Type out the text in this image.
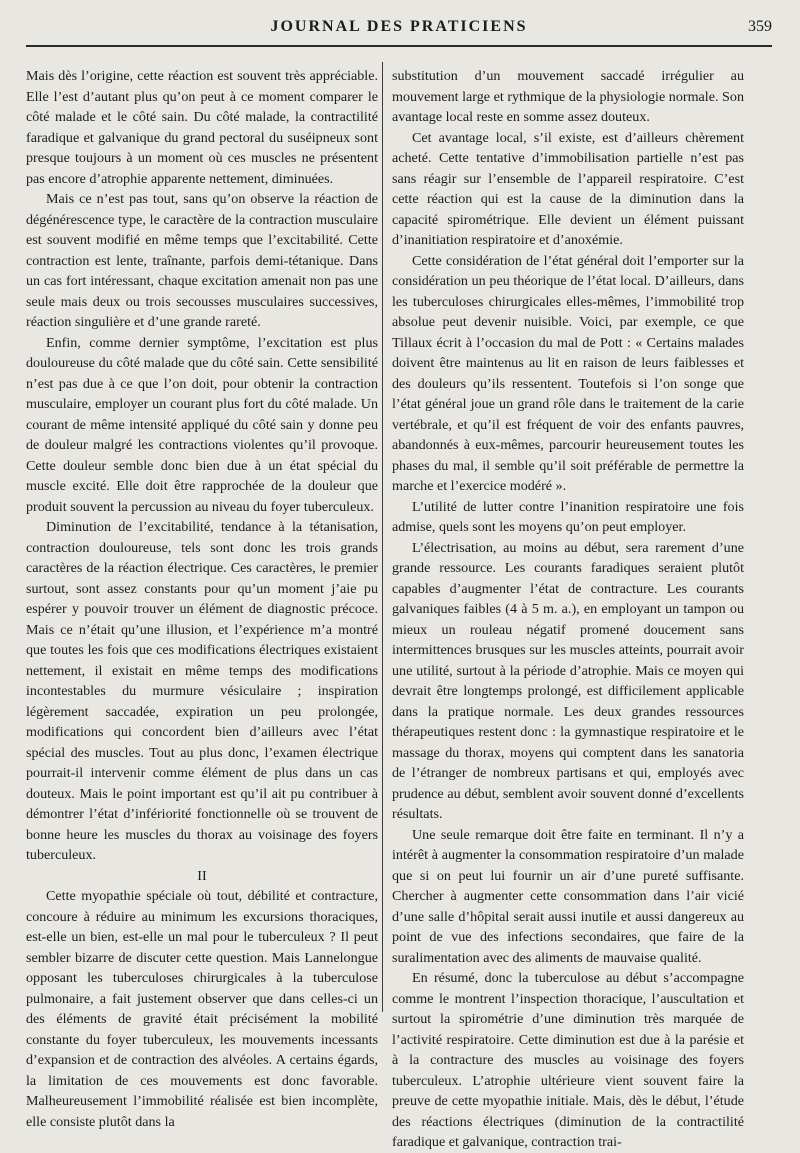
JOURNAL DES PRATICIENS	359

Mais dès l’origine, cette réaction est souvent très appréciable. Elle l’est d’autant plus qu’on peut à ce moment comparer le côté malade et le côté sain. Du côté malade, la contractilité faradique et galvanique du grand pectoral du suséipneux sont presque toujours à un moment où ces muscles ne présentent pas encore d’atrophie apparente nettement, diminuées.

Mais ce n’est pas tout, sans qu’on observe la réaction de dégénérescence type, le caractère de la contraction musculaire est souvent modifié en même temps que l’excitabilité. Cette contraction est lente, traînante, parfois demi-tétanique. Dans un cas fort intéressant, chaque excitation amenait non pas une seule mais deux ou trois secousses musculaires successives, réaction singulière et d’une grande rareté.

Enfin, comme dernier symptôme, l’excitation est plus douloureuse du côté malade que du côté sain. Cette sensibilité n’est pas due à ce que l’on doit, pour obtenir la contraction musculaire, employer un courant plus fort du côté malade. Un courant de même intensité appliqué du côté sain y donne peu de douleur malgré les contractions violentes qu’il provoque. Cette douleur semble donc bien due à un état spécial du muscle excité. Elle doit être rapprochée de la douleur que produit souvent la percussion au niveau du foyer tuberculeux.

Diminution de l’excitabilité, tendance à la tétanisation, contraction douloureuse, tels sont donc les trois grands caractères de la réaction électrique. Ces caractères, le premier surtout, sont assez constants pour qu’un moment j’aie pu espérer y pouvoir trouver un élément de diagnostic précoce. Mais ce n’était qu’une illusion, et l’expérience m’a montré que toutes les fois que ces modifications électriques existaient nettement, il existait en même temps des modifications incontestables du murmure vésiculaire ; inspiration légèrement saccadée, expiration un peu prolongée, modifications qui concordent bien d’ailleurs avec l’état spécial des muscles. Tout au plus donc, l’examen électrique pourrait-il intervenir comme élément de plus dans un cas douteux. Mais le point important est qu’il ait pu contribuer à démontrer l’état d’infériorité fonctionnelle où se trouvent de bonne heure les muscles du thorax au voisinage des foyers tuberculeux.

II

Cette myopathie spéciale où tout, débilité et contracture, concoure à réduire au minimum les excursions thoraciques, est-elle un bien, est-elle un mal pour le tuberculeux ? Il peut sembler bizarre de discuter cette question. Mais Lannelongue opposant les tuberculoses chirurgicales à la tuberculose pulmonaire, a fait justement observer que dans celles-ci un des éléments de gravité était précisément la mobilité constante du foyer tuberculeux, les mouvements incessants d’expansion et de contraction des alvéoles. A certains égards, la limitation de ces mouvements est donc favorable. Malheureusement l’immobilité réalisée est bien incomplète, elle consiste plutôt dans la

substitution d’un mouvement saccadé irrégulier au mouvement large et rythmique de la physiologie normale. Son avantage local reste en somme assez douteux.

Cet avantage local, s’il existe, est d’ailleurs chèrement acheté. Cette tentative d’immobilisation partielle n’est pas sans réagir sur l’ensemble de l’appareil respiratoire. C’est cette réaction qui est la cause de la diminution dans la capacité spirométrique. Elle devient un élément puissant d’inanitiation respiratoire et d’anoxémie.

Cette considération de l’état général doit l’emporter sur la considération un peu théorique de l’état local. D’ailleurs, dans les tuberculoses chirurgicales elles-mêmes, l’immobilité trop absolue peut devenir nuisible. Voici, par exemple, ce que Tillaux écrit à l’occasion du mal de Pott : « Certains malades doivent être maintenus au lit en raison de leurs faiblesses et des douleurs qu’ils ressentent. Toutefois si l’on songe que l’état général joue un grand rôle dans le traitement de la carie vertébrale, et qu’il est fréquent de voir des enfants pauvres, abandonnés à eux-mêmes, parcourir heureusement toutes les phases du mal, il semble qu’il soit préférable de permettre la marche et l’exercice modéré ».

L’utilité de lutter contre l’inanition respiratoire une fois admise, quels sont les moyens qu’on peut employer.

L’électrisation, au moins au début, sera rarement d’une grande ressource. Les courants faradiques seraient plutôt capables d’augmenter l’état de contracture. Les courants galvaniques faibles (4 à 5 m. a.), en employant un tampon ou mieux un rouleau négatif promené doucement sans intermittences brusques sur les muscles atteints, pourrait avoir une utilité, surtout à la période d’atrophie. Mais ce moyen qui devrait être longtemps prolongé, est difficilement applicable dans la pratique normale. Les deux grandes ressources thérapeutiques restent donc : la gymnastique respiratoire et le massage du thorax, moyens qui comptent dans les sanatoria de l’étranger de nombreux partisans et qui, employés avec prudence au début, semblent avoir souvent donné d’excellents résultats.

Une seule remarque doit être faite en terminant. Il n’y a intérêt à augmenter la consommation respiratoire d’un malade que si on peut lui fournir un air d’une pureté suffisante. Chercher à augmenter cette consommation dans l’air vicié d’une salle d’hôpital serait aussi inutile et aussi dangereux au point de vue des infections secondaires, que faire de la suralimentation avec des aliments de mauvaise qualité.

En résumé, donc la tuberculose au début s’accompagne comme le montrent l’inspection thoracique, l’auscultation et surtout la spirométrie d’une diminution très marquée de l’activité respiratoire. Cette diminution est due à la parésie et à la contracture des muscles au voisinage des foyers tuberculeux. L’atrophie ultérieure vient souvent faire la preuve de cette myopathie initiale. Mais, dès le début, l’étude des réactions électriques (diminution de la contractilité faradique et galvanique, contraction trai-
